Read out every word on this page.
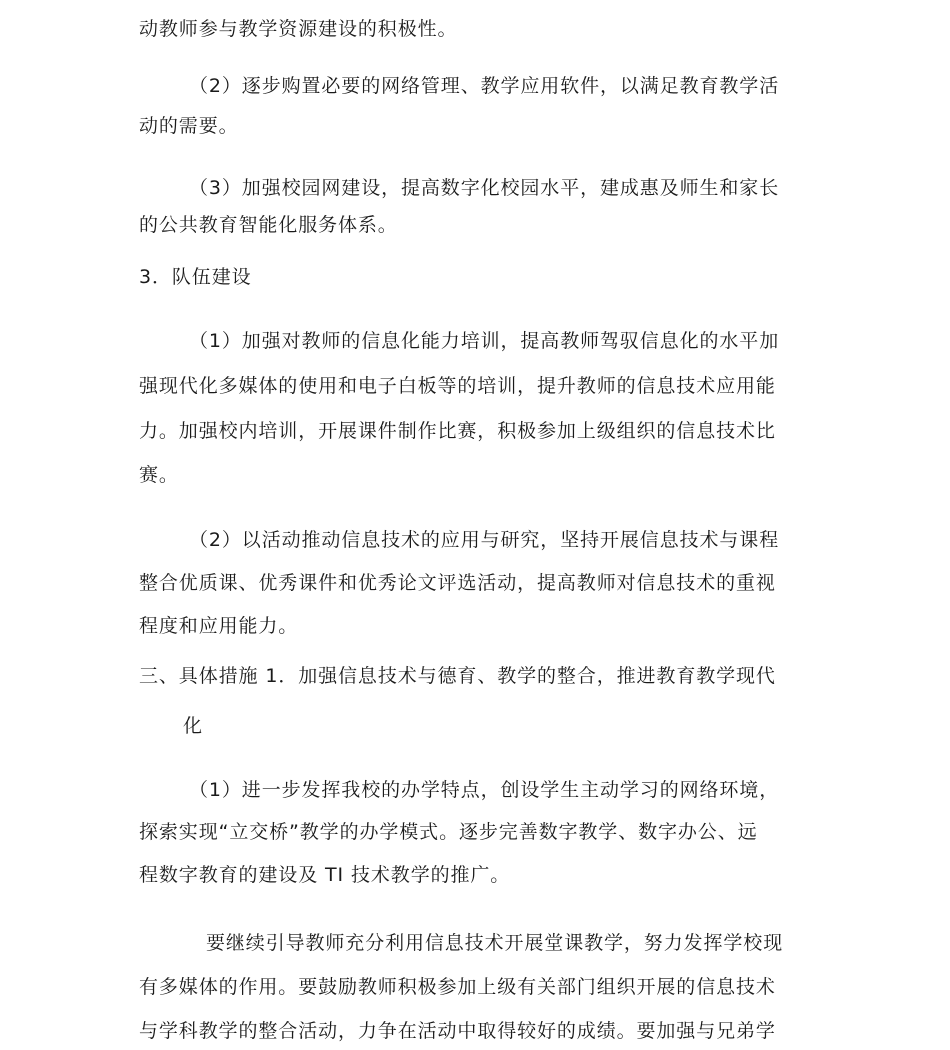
动教师参与教学资源建设的积极性。
（2）逐步购置必要的网络管理、教学应用软件，以满足教育教学活
动的需要。
（3）加强校园网建设，提高数字化校园水平，建成惠及师生和家长
的公共教育智能化服务体系。
3．队伍建设
（1）加强对教师的信息化能力培训，提高教师驾驭信息化的水平加
强现代化多媒体的使用和电子白板等的培训，提升教师的信息技术应用能
力。加强校内培训，开展课件制作比赛，积极参加上级组织的信息技术比
赛。
（2）以活动推动信息技术的应用与研究，坚持开展信息技术与课程
整合优质课、优秀课件和优秀论文评选活动，提高教师对信息技术的重视
程度和应用能力。
三、具体措施 1．加强信息技术与德育、教学的整合，推进教育教学现代
化
（1）进一步发挥我校的办学特点，创设学生主动学习的网络环境，
探索实现“立交桥”教学的办学模式。逐步完善数字教学、数字办公、远
程数字教育的建设及 TI 技术教学的推广。
要继续引导教师充分利用信息技术开展堂课教学，努力发挥学校现
有多媒体的作用。要鼓励教师积极参加上级有关部门组织开展的信息技术
与学科教学的整合活动，力争在活动中取得较好的成绩。要加强与兄弟学
